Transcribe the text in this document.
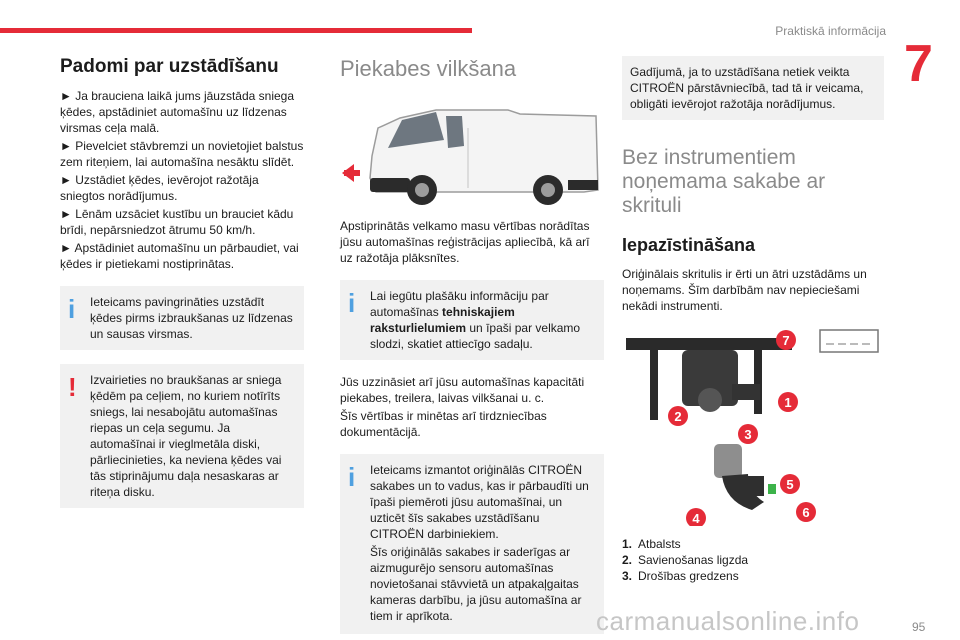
Praktiskā informācija
7
Padomi par uzstādīšanu

► Ja brauciena laikā jums jāuzstāda sniega ķēdes, apstādiniet automašīnu uz līdzenas virsmas ceļa malā.

► Pievelciet stāvbremzi un novietojiet balstus zem riteņiem, lai automašīna nesāktu slīdēt.

► Uzstādiet ķēdes, ievērojot ražotāja sniegtos norādījumus.

► Lēnām uzsāciet kustību un brauciet kādu brīdi, nepārsniedzot ātrumu 50 km/h.

► Apstādiniet automašīnu un pārbaudiet, vai ķēdes ir pietiekami nostiprinātas.

i	Ieteicams pavingrināties uzstādīt ķēdes pirms izbraukšanas uz līdzenas un sausas virsmas.
!	Izvairieties no braukšanas ar sniega ķēdēm pa ceļiem, no kuriem notīrīts sniegs, lai nesabojātu automašīnas riepas un ceļa segumu. Ja automašīnai ir vieglmetāla diski, pārliecinieties, ka neviena ķēdes vai tās stiprinājumu daļa nesaskaras ar riteņa disku.
Piekabes vilkšana

Apstiprinātās velkamo masu vērtības norādītas jūsu automašīnas reģistrācijas apliecībā, kā arī uz ražotāja plāksnītes.

i	Lai iegūtu plašāku informāciju par automašīnas tehniskajiem raksturlielumiem un īpaši par velkamo slodzi, skatiet attiecīgo sadaļu.

Jūs uzzināsiet arī jūsu automašīnas kapacitāti piekabes, treilera, laivas vilkšanai u. c.

Šīs vērtības ir minētas arī tirdzniecības dokumentācijā.

i	Ieteicams izmantot oriģinālās CITROËN sakabes un to vadus, kas ir pārbaudīti un īpaši piemēroti jūsu automašīnai, un uzticēt šīs sakabes uzstādīšanu CITROËN darbiniekiem.

Šīs oriģinālās sakabes ir saderīgas ar aizmugurējo sensoru automašīnas novietošanai stāvvietā un atpakaļgaitas kameras darbību, ja jūsu automašīna ar tiem ir aprīkota.

Gadījumā, ja to uzstādīšana netiek veikta CITROËN pārstāvniecībā, tad tā ir veicama, obligāti ievērojot ražotāja norādījumus.
Bez instrumentiem noņemama sakabe ar skrituli
Iepazīstināšana

Oriģinālais skritulis ir ērti un ātri uzstādāms un noņemams. Šīm darbībām nav nepieciešami nekādi instrumenti.

7
1
2
3
4
5
6
1. Atbalsts
2. Savienošanas ligzda
3. Drošības gredzens
carmanualsonline.info	95
